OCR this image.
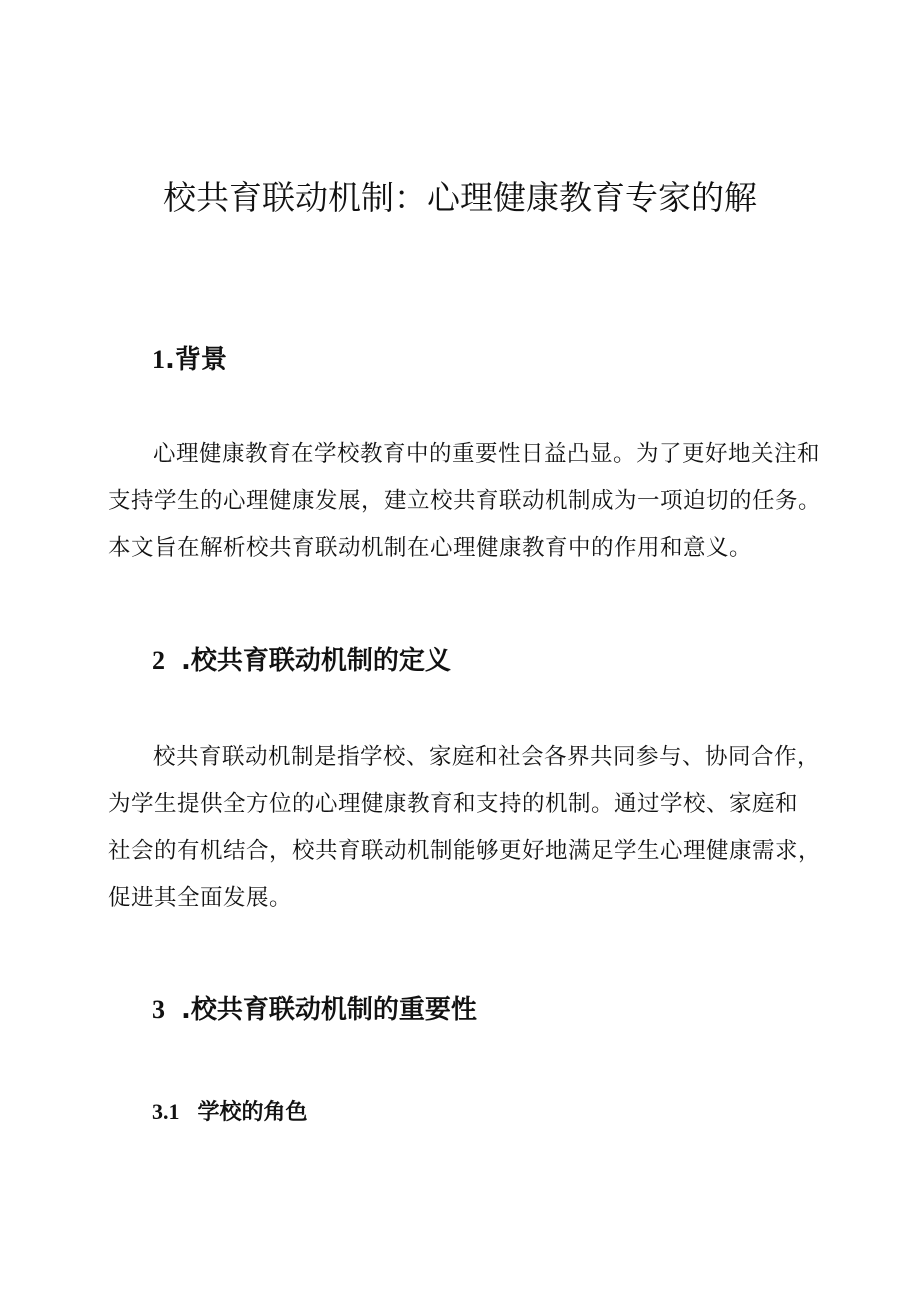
校共育联动机制：心理健康教育专家的解
1.背景

心理健康教育在学校教育中的重要性日益凸显。为了更好地关注和
支持学生的心理健康发展，建立校共育联动机制成为一项迫切的任务。
本文旨在解析校共育联动机制在心理健康教育中的作用和意义。

2 .校共育联动机制的定义

校共育联动机制是指学校、家庭和社会各界共同参与、协同合作，
为学生提供全方位的心理健康教育和支持的机制。通过学校、家庭和
社会的有机结合，校共育联动机制能够更好地满足学生心理健康需求，
促进其全面发展。

3 .校共育联动机制的重要性
3.1 学校的角色
